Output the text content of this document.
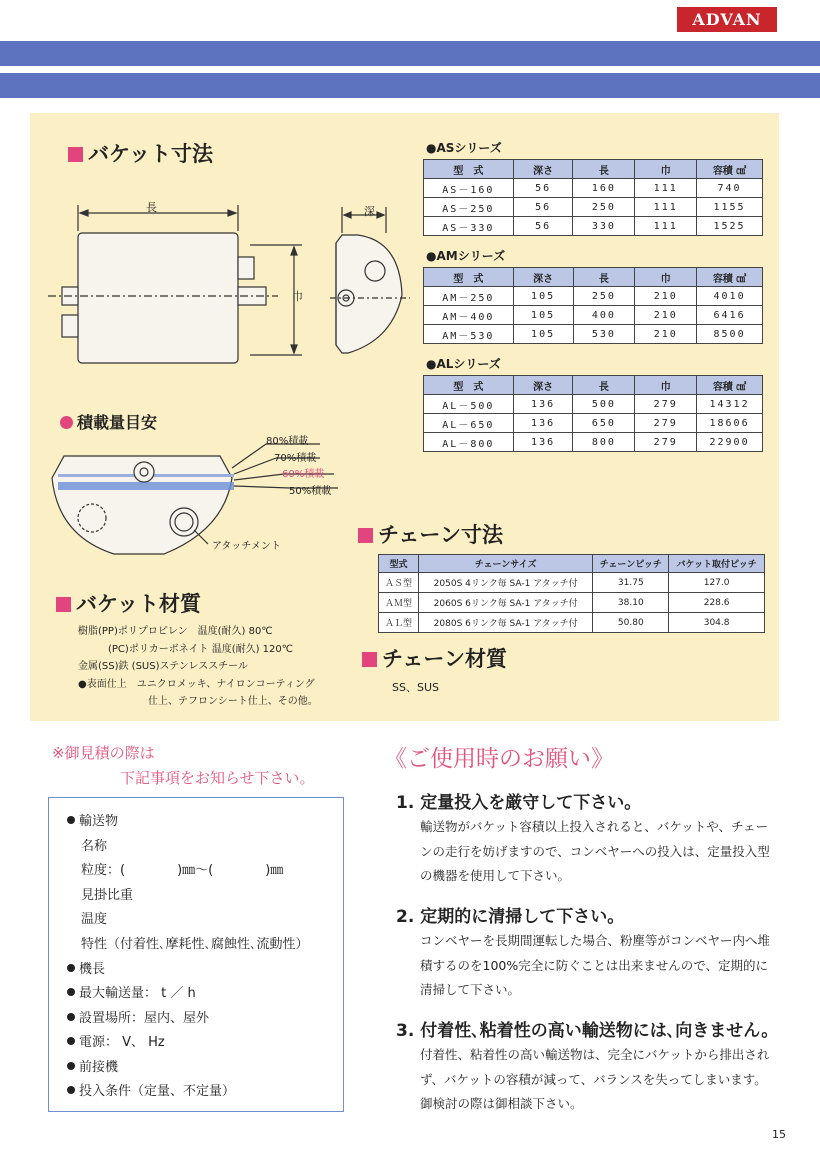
ADVAN
バケット寸法
長	深
巾
積載量目安
80%積載
70%積載
60%積載
50%積載
アタッチメント
バケット材質
樹脂(PP)ポリプロピレン　温度(耐久) 80℃
(PC)ポリカーボネイト 温度(耐久) 120℃
金属(SS)鉄 (SUS)ステンレススチール
●表面仕上　ユニクロメッキ、ナイロンコーティング
仕上、テフロンシート仕上、その他。
●ASシリーズ
型　式	深さ	長	巾	容積 ㎤
AS－160	56	160	111	740
AS－250	56	250	111	1155
AS－330	56	330	111	1525
●AMシリーズ
型　式	深さ	長	巾	容積 ㎤
AM－250	105	250	210	4010
AM－400	105	400	210	6416
AM－530	105	530	210	8500
●ALシリーズ
型　式	深さ	長	巾	容積 ㎤
AL－500	136	500	279	14312
AL－650	136	650	279	18606
AL－800	136	800	279	22900
チェーン寸法
型式	チェーンサイズ	チェーンピッチ	バケット取付ピッチ
ＡＳ型	2050S 4リンク毎 SA-1 アタッチ付	31.75	127.0
ＡＭ型	2060S 6リンク毎 SA-1 アタッチ付	38.10	228.6
ＡＬ型	2080S 6リンク毎 SA-1 アタッチ付	50.80	304.8
チェーン材質
SS、SUS
※御見積の際は
下記事項をお知らせ下さい。
輸送物
名称
粒度：(　　　　)㎜～(　　　　)㎜
見掛比重
温度
特性（付着性､摩耗性､腐蝕性､流動性）
機長
最大輸送量： t ／ h
設置場所：屋内、屋外
電源： V、 Hz
前接機
投入条件（定量、不定量）
《ご使用時のお願い》
1. 定量投入を厳守して下さい。
輸送物がバケット容積以上投入されると、バケットや、チェーンの走行を妨げますので、コンベヤーへの投入は、定量投入型の機器を使用して下さい。
2. 定期的に清掃して下さい。
コンベヤーを長期間運転した場合、粉塵等がコンベヤー内へ堆積するのを100%完全に防ぐことは出来ませんので、定期的に清掃して下さい。
3. 付着性､粘着性の高い輸送物には､向きません。
付着性、粘着性の高い輸送物は、完全にバケットから排出されず、バケットの容積が減って、バランスを失ってしまいます。御検討の際は御相談下さい。
15
